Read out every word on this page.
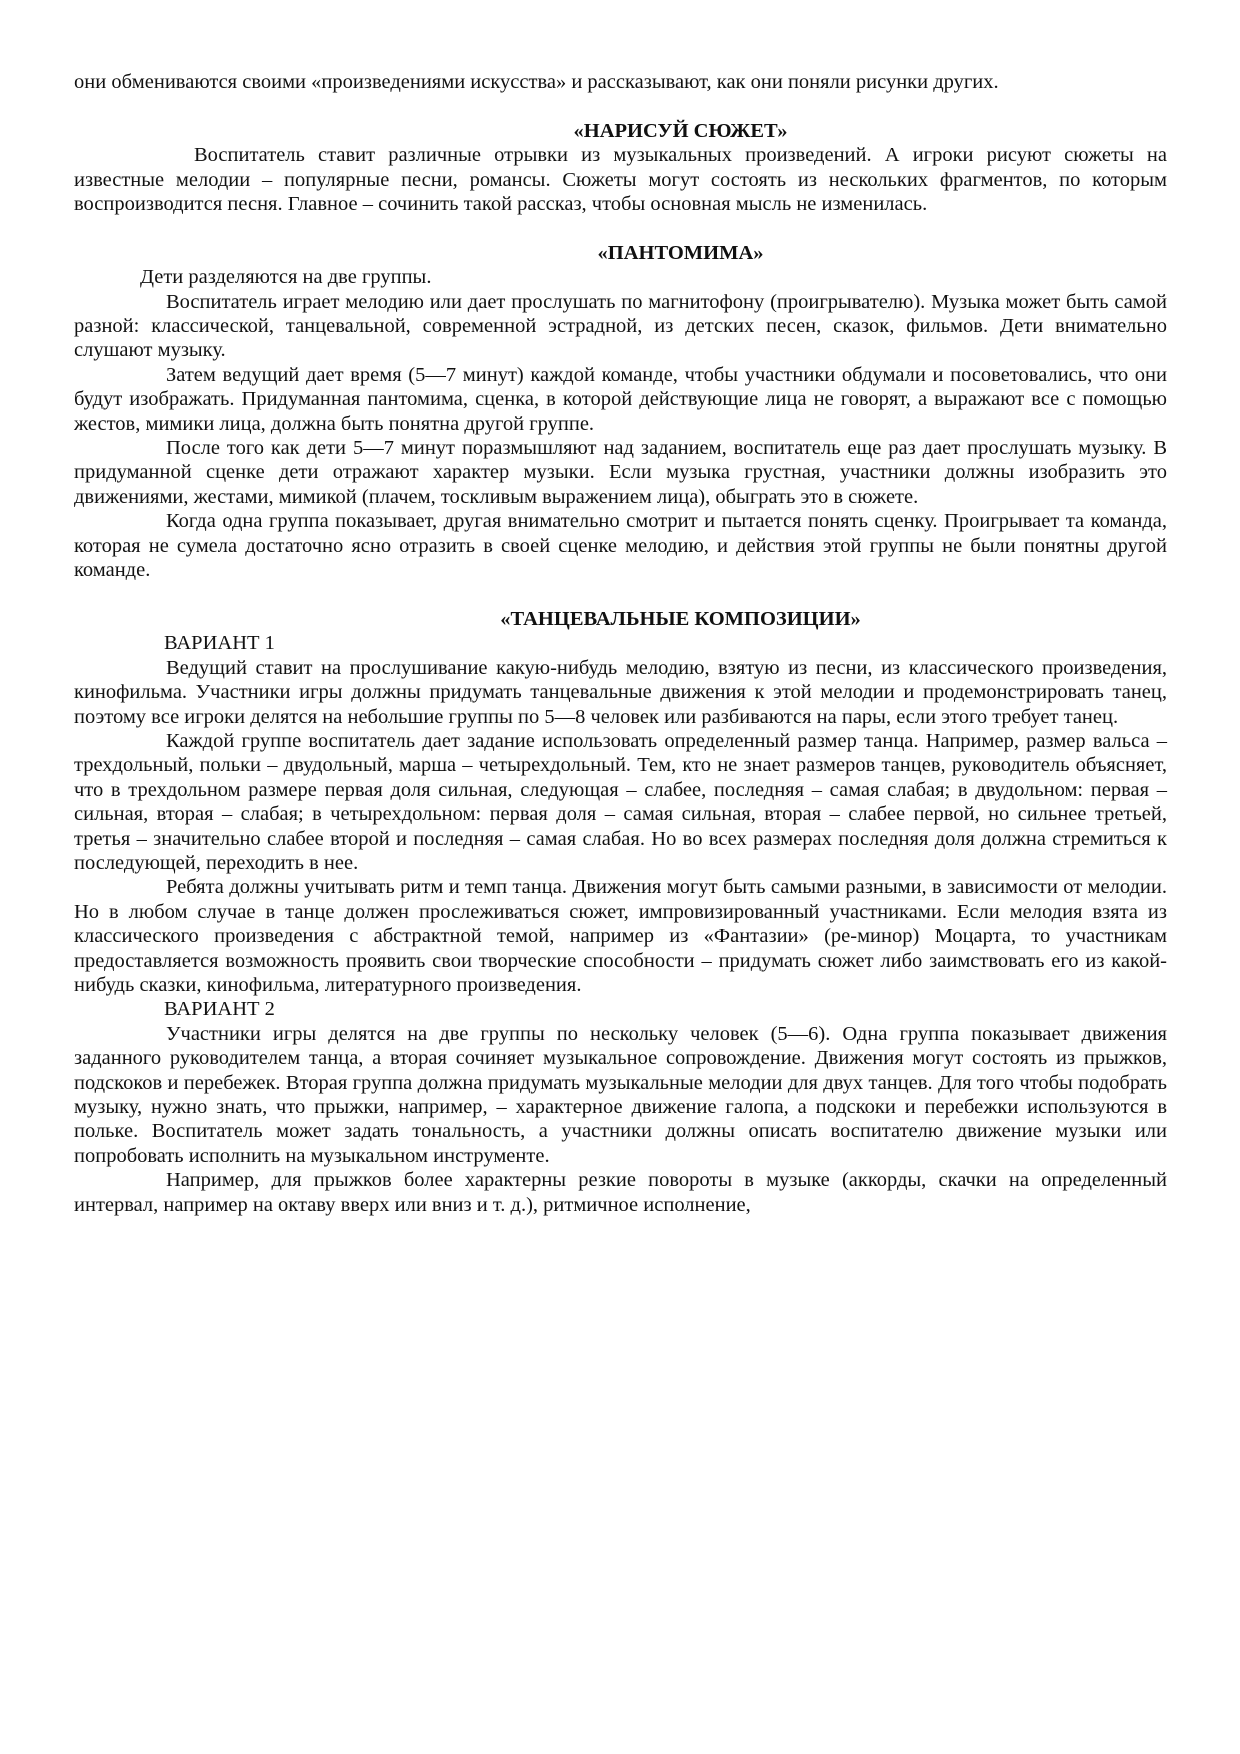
они обмениваются своими «произведениями искусства» и рассказывают, как они поняли рисунки других.

«НАРИСУЙ СЮЖЕТ»

Воспитатель ставит различные отрывки из музыкальных произведений. А игроки рисуют сюжеты на известные мелодии – популярные песни, романсы. Сюжеты могут состоять из нескольких фрагментов, по которым воспроизводится песня. Главное – сочинить такой рассказ, чтобы основная мысль не изменилась.

«ПАНТОМИМА»

Дети разделяются на две группы.

Воспитатель играет мелодию или дает прослушать по магнитофону (проигрывателю). Музыка может быть самой разной: классической, танцевальной, современной эстрадной, из детских песен, сказок, фильмов. Дети внимательно слушают музыку.

Затем ведущий дает время (5—7 минут) каждой команде, чтобы участники обдумали и посоветовались, что они будут изображать. Придуманная пантомима, сценка, в которой действующие лица не говорят, а выражают все с помощью жестов, мимики лица, должна быть понятна другой группе.

После того как дети 5—7 минут поразмышляют над заданием, воспитатель еще раз дает прослушать музыку. В придуманной сценке дети отражают характер музыки. Если музыка грустная, участники должны изобразить это движениями, жестами, мимикой (плачем, тоскливым выражением лица), обыграть это в сюжете.

Когда одна группа показывает, другая внимательно смотрит и пытается понять сценку. Проигрывает та команда, которая не сумела достаточно ясно отразить в своей сценке мелодию, и действия этой группы не были понятны другой команде.

«ТАНЦЕВАЛЬНЫЕ КОМПОЗИЦИИ»

ВАРИАНТ 1

Ведущий ставит на прослушивание какую-нибудь мелодию, взятую из песни, из классического произведения, кинофильма. Участники игры должны придумать танцевальные движения к этой мелодии и продемонстрировать танец, поэтому все игроки делятся на небольшие группы по 5—8 человек или разбиваются на пары, если этого требует танец.

Каждой группе воспитатель дает задание использовать определенный размер танца. Например, размер вальса – трехдольный, польки – двудольный, марша – четырехдольный. Тем, кто не знает размеров танцев, руководитель объясняет, что в трехдольном размере первая доля сильная, следующая – слабее, последняя – самая слабая; в двудольном: первая – сильная, вторая – слабая; в четырехдольном: первая доля – самая сильная, вторая – слабее первой, но сильнее третьей, третья – значительно слабее второй и последняя – самая слабая. Но во всех размерах последняя доля должна стремиться к последующей, переходить в нее.

Ребята должны учитывать ритм и темп танца. Движения могут быть самыми разными, в зависимости от мелодии. Но в любом случае в танце должен прослеживаться сюжет, импровизированный участниками. Если мелодия взята из классического произведения с абстрактной темой, например из «Фантазии» (ре-минор) Моцарта, то участникам предоставляется возможность проявить свои творческие способности – придумать сюжет либо заимствовать его из какой-нибудь сказки, кинофильма, литературного произведения.

ВАРИАНТ 2

Участники игры делятся на две группы по нескольку человек (5—6). Одна группа показывает движения заданного руководителем танца, а вторая сочиняет музыкальное сопровождение. Движения могут состоять из прыжков, подскоков и перебежек. Вторая группа должна придумать музыкальные мелодии для двух танцев. Для того чтобы подобрать музыку, нужно знать, что прыжки, например, – характерное движение галопа, а подскоки и перебежки используются в польке. Воспитатель может задать тональность, а участники должны описать воспитателю движение музыки или попробовать исполнить на музыкальном инструменте.

Например, для прыжков более характерны резкие повороты в музыке (аккорды, скачки на определенный интервал, например на октаву вверх или вниз и т. д.), ритмичное исполнение,
